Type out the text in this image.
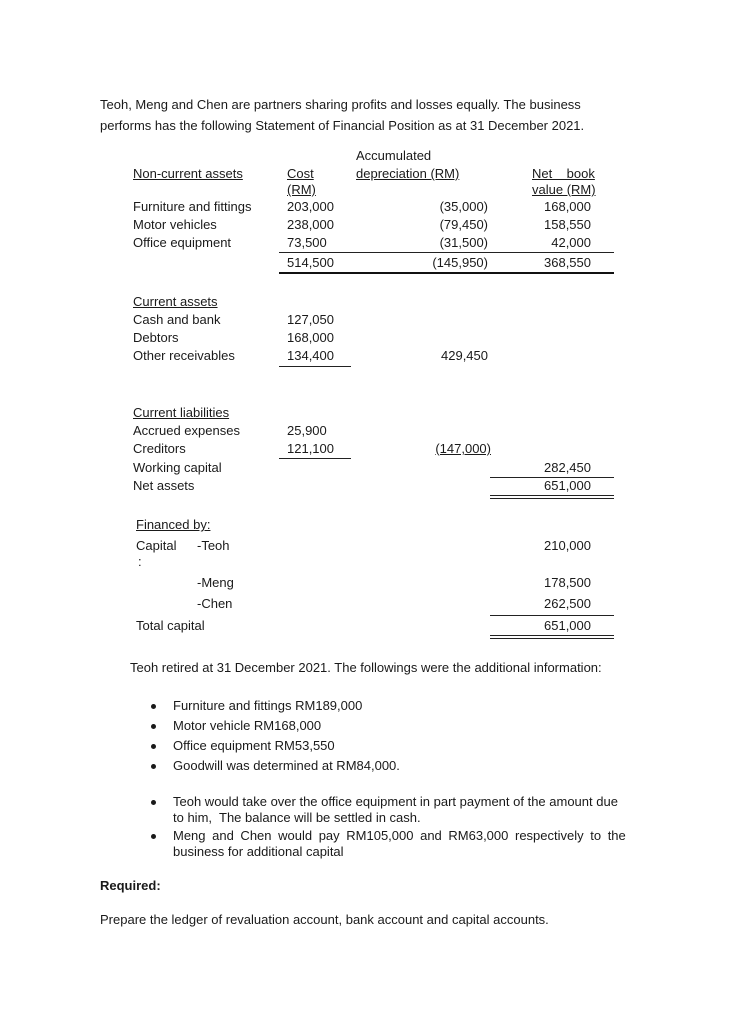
Teoh, Meng and Chen are partners sharing profits and losses equally. The business
performs has the following Statement of Financial Position as at 31 December 2021.
Accumulated
Non-current assets	Cost	depreciation (RM)	Net    book
(RM)	value (RM)
Furniture and fittings	203,000	(35,000)	168,000
Motor vehicles	238,000	(79,450)	158,550
Office equipment	73,500	(31,500)	42,000
514,500	(145,950)	368,550
Current assets
Cash and bank	127,050
Debtors	168,000
Other receivables	134,400	429,450
Current liabilities
Accrued expenses	25,900
Creditors	121,100	(147,000)
Working capital	282,450
Net assets	651,000
Financed by:
Capital -Teoh	210,000
:
-Meng	178,500
-Chen	262,500
Total capital	651,000
Teoh retired at 31 December 2021. The followings were the additional information:
Furniture and fittings RM189,000
Motor vehicle RM168,000
Office equipment RM53,550
Goodwill was determined at RM84,000.
Teoh would take over the office equipment in part payment of the amount due
to him,  The balance will be settled in cash.
Meng and Chen would pay RM105,000 and RM63,000 respectively to the
business for additional capital
Required:
Prepare the ledger of revaluation account, bank account and capital accounts.
